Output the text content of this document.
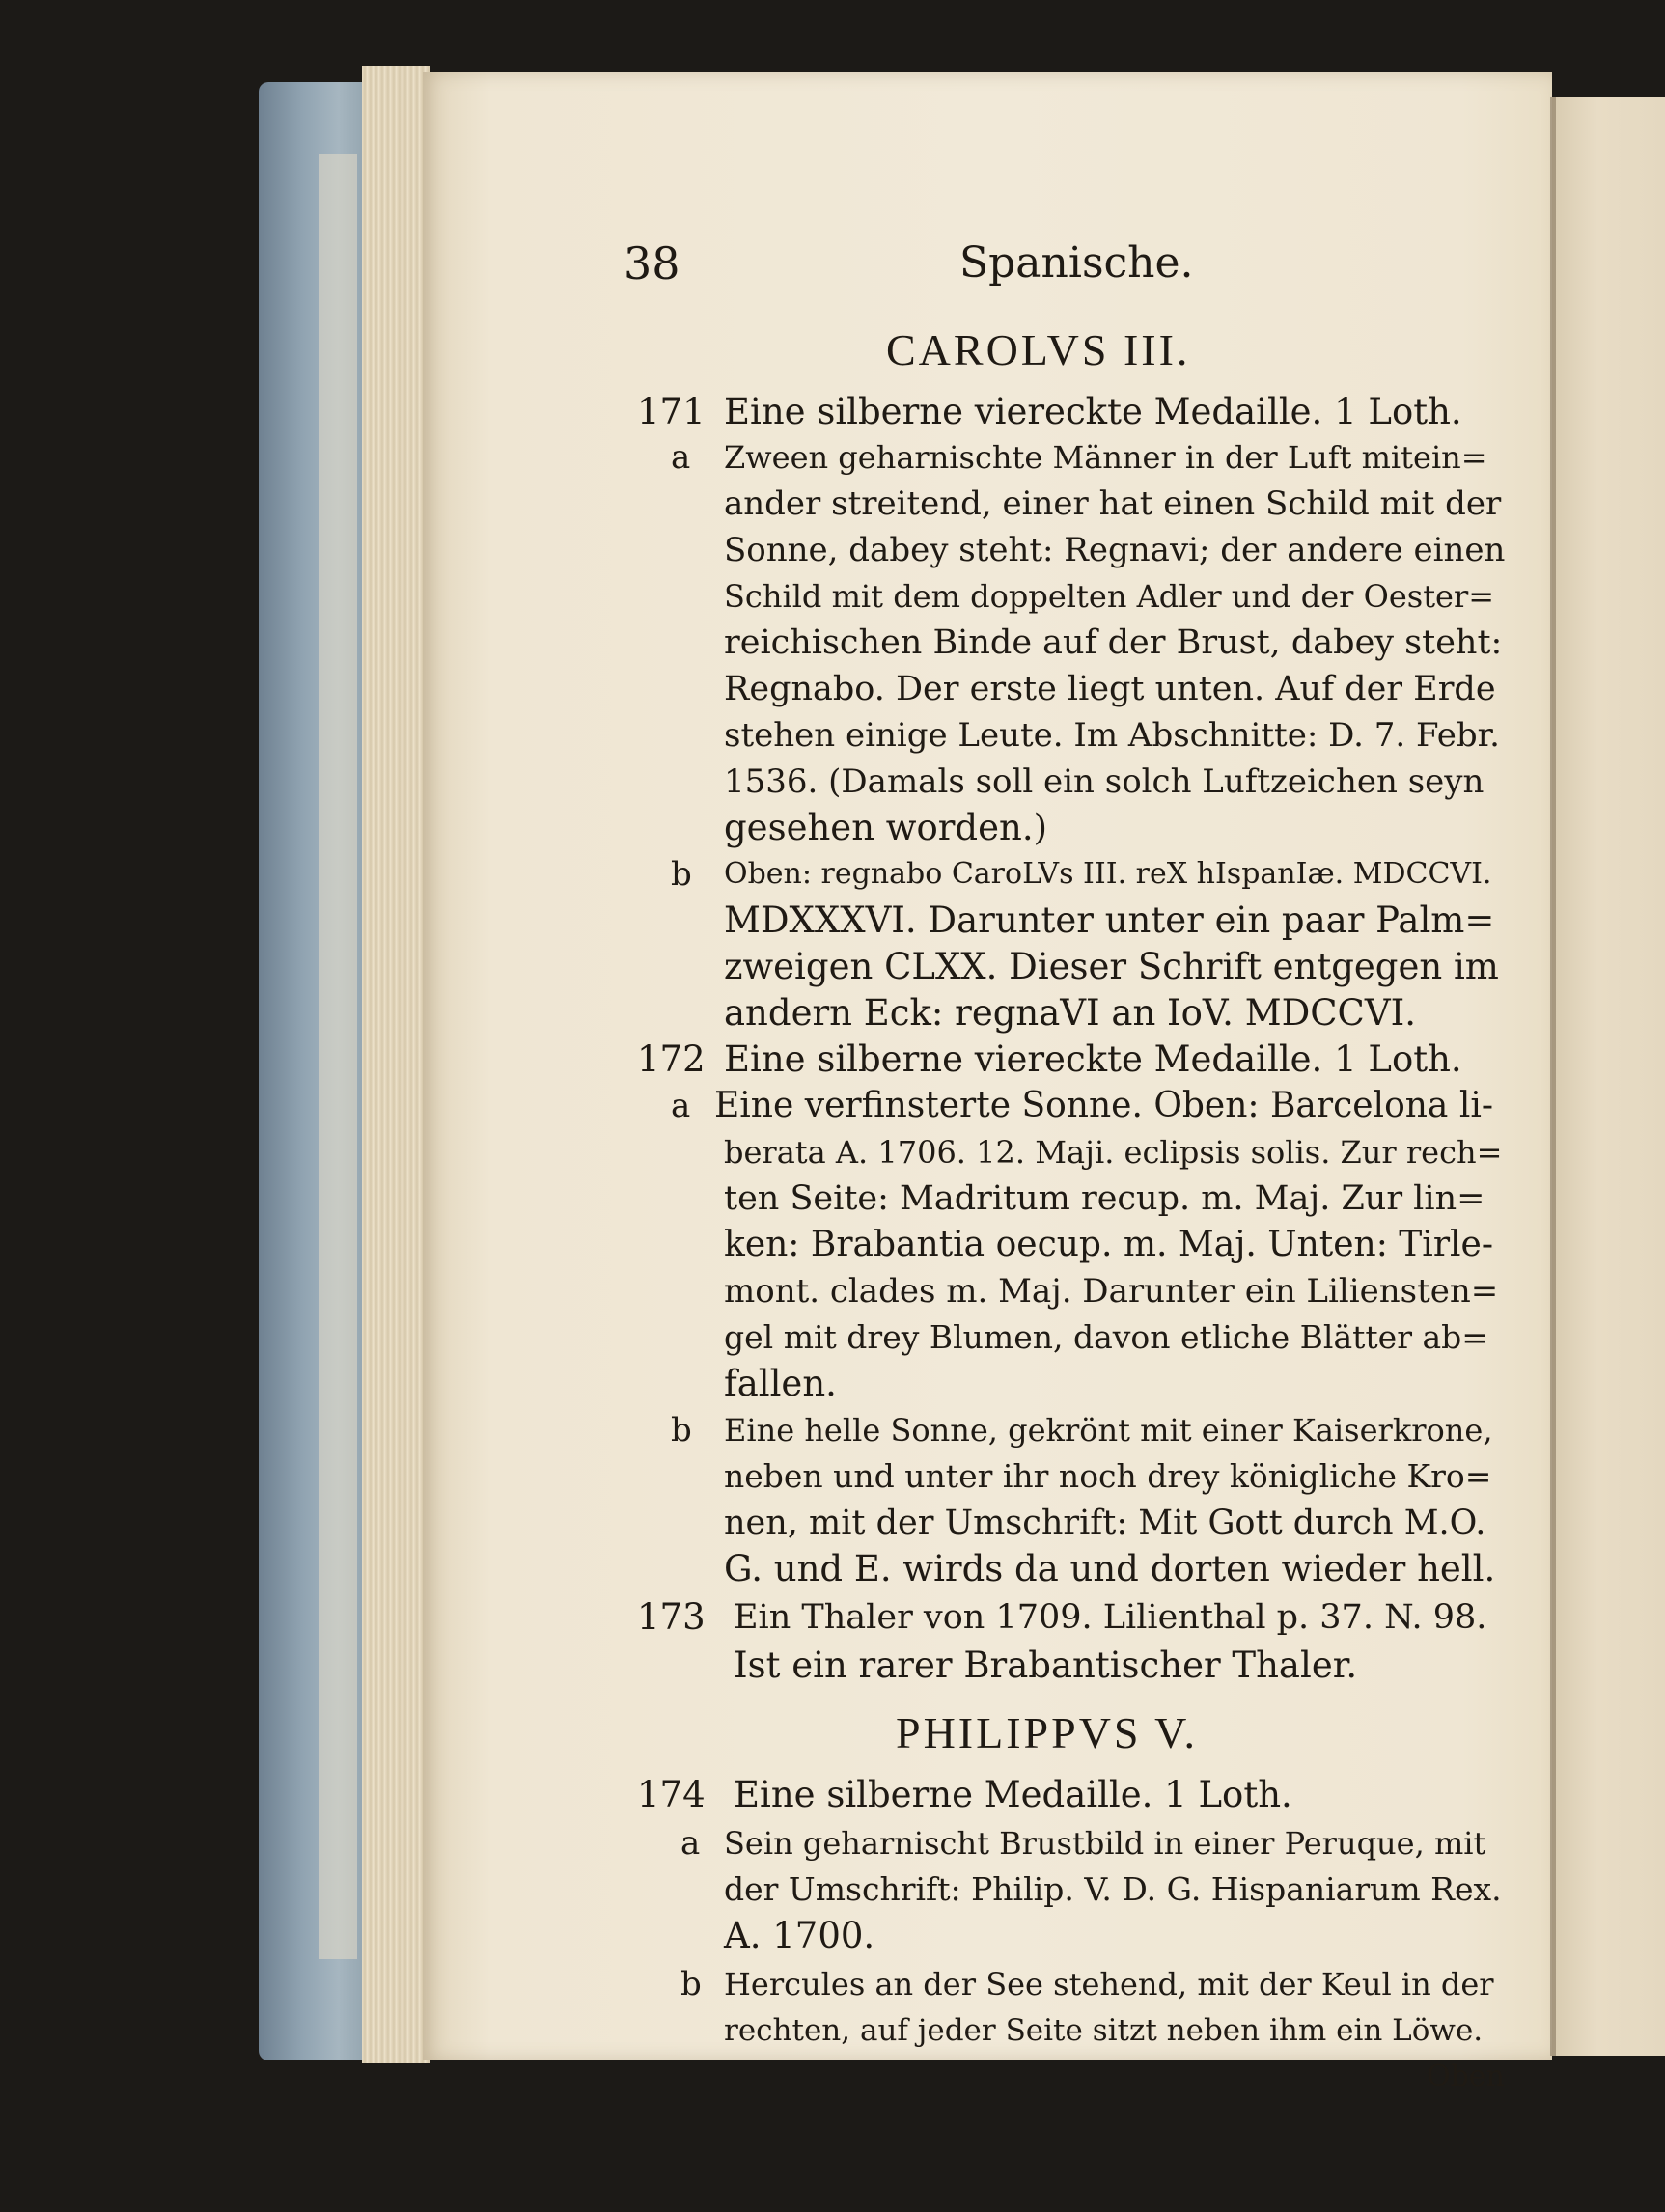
38	Spanische.
CAROLVS III.
171 Eine silberne viereckte Medaille. 1 Loth.
a Zween geharnischte Männer in der Luft mitein=
ander streitend, einer hat einen Schild mit der
Sonne, dabey steht: Regnavi; der andere einen
Schild mit dem doppelten Adler und der Oester=
reichischen Binde auf der Brust, dabey steht:
Regnabo. Der erste liegt unten. Auf der Erde
stehen einige Leute. Im Abschnitte: D. 7. Febr.
1536. (Damals soll ein solch Luftzeichen seyn
gesehen worden.)
b Oben: regnabo CaroLVs III. reX hIspanIæ. MDCCVI.
MDXXXVI. Darunter unter ein paar Palm=
zweigen CLXX. Dieser Schrift entgegen im
andern Eck: regnaVI an IoV. MDCCVI.
172 Eine silberne viereckte Medaille. 1 Loth.
a Eine verfinsterte Sonne. Oben: Barcelona li-
berata A. 1706. 12. Maji. eclipsis solis. Zur rech=
ten Seite: Madritum recup. m. Maj. Zur lin=
ken: Brabantia oecup. m. Maj. Unten: Tirle-
mont. clades m. Maj. Darunter ein Liliensten=
gel mit drey Blumen, davon etliche Blätter ab=
fallen.
b Eine helle Sonne, gekrönt mit einer Kaiserkrone,
neben und unter ihr noch drey königliche Kro=
nen, mit der Umschrift: Mit Gott durch M.O.
G. und E. wirds da und dorten wieder hell.
173 Ein Thaler von 1709. Lilienthal p. 37. N. 98.
Ist ein rarer Brabantischer Thaler.
PHILIPPVS V.
174 Eine silberne Medaille. 1 Loth.
a Sein geharnischt Brustbild in einer Peruque, mit
der Umschrift: Philip. V. D. G. Hispaniarum Rex.
A. 1700.
b Hercules an der See stehend, mit der Keul in der
rechten, auf jeder Seite sitzt neben ihm ein Löwe.
Oben
